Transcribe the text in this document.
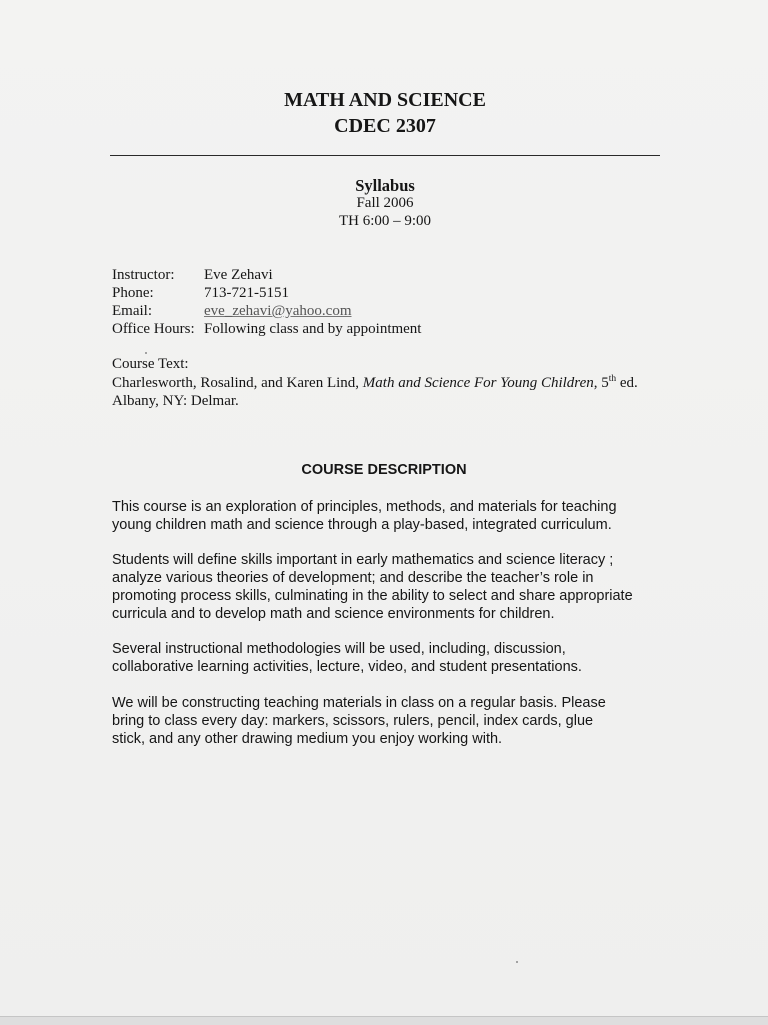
MATH AND SCIENCE
CDEC 2307
Syllabus
Fall 2006
TH 6:00 – 9:00
Instructor: Eve Zehavi
Phone:	713-721-5151
Email:	eve_zehavi@yahoo.com
Office Hours: Following class and by appointment
Course Text:
Charlesworth, Rosalind, and Karen Lind, Math and Science For Young Children, 5th ed.
Albany, NY: Delmar.
COURSE DESCRIPTION
This course is an exploration of principles, methods, and materials for teaching
young children math and science through a play-based, integrated curriculum.
Students will define skills important in early mathematics and science literacy ;
analyze various theories of development; and describe the teacher’s role in
promoting process skills, culminating in the ability to select and share appropriate
curricula and to develop math and science environments for children.
Several instructional methodologies will be used, including, discussion,
collaborative learning activities, lecture, video, and student presentations.
We will be constructing teaching materials in class on a regular basis. Please
bring to class every day: markers, scissors, rulers, pencil, index cards, glue
stick, and any other drawing medium you enjoy working with.
